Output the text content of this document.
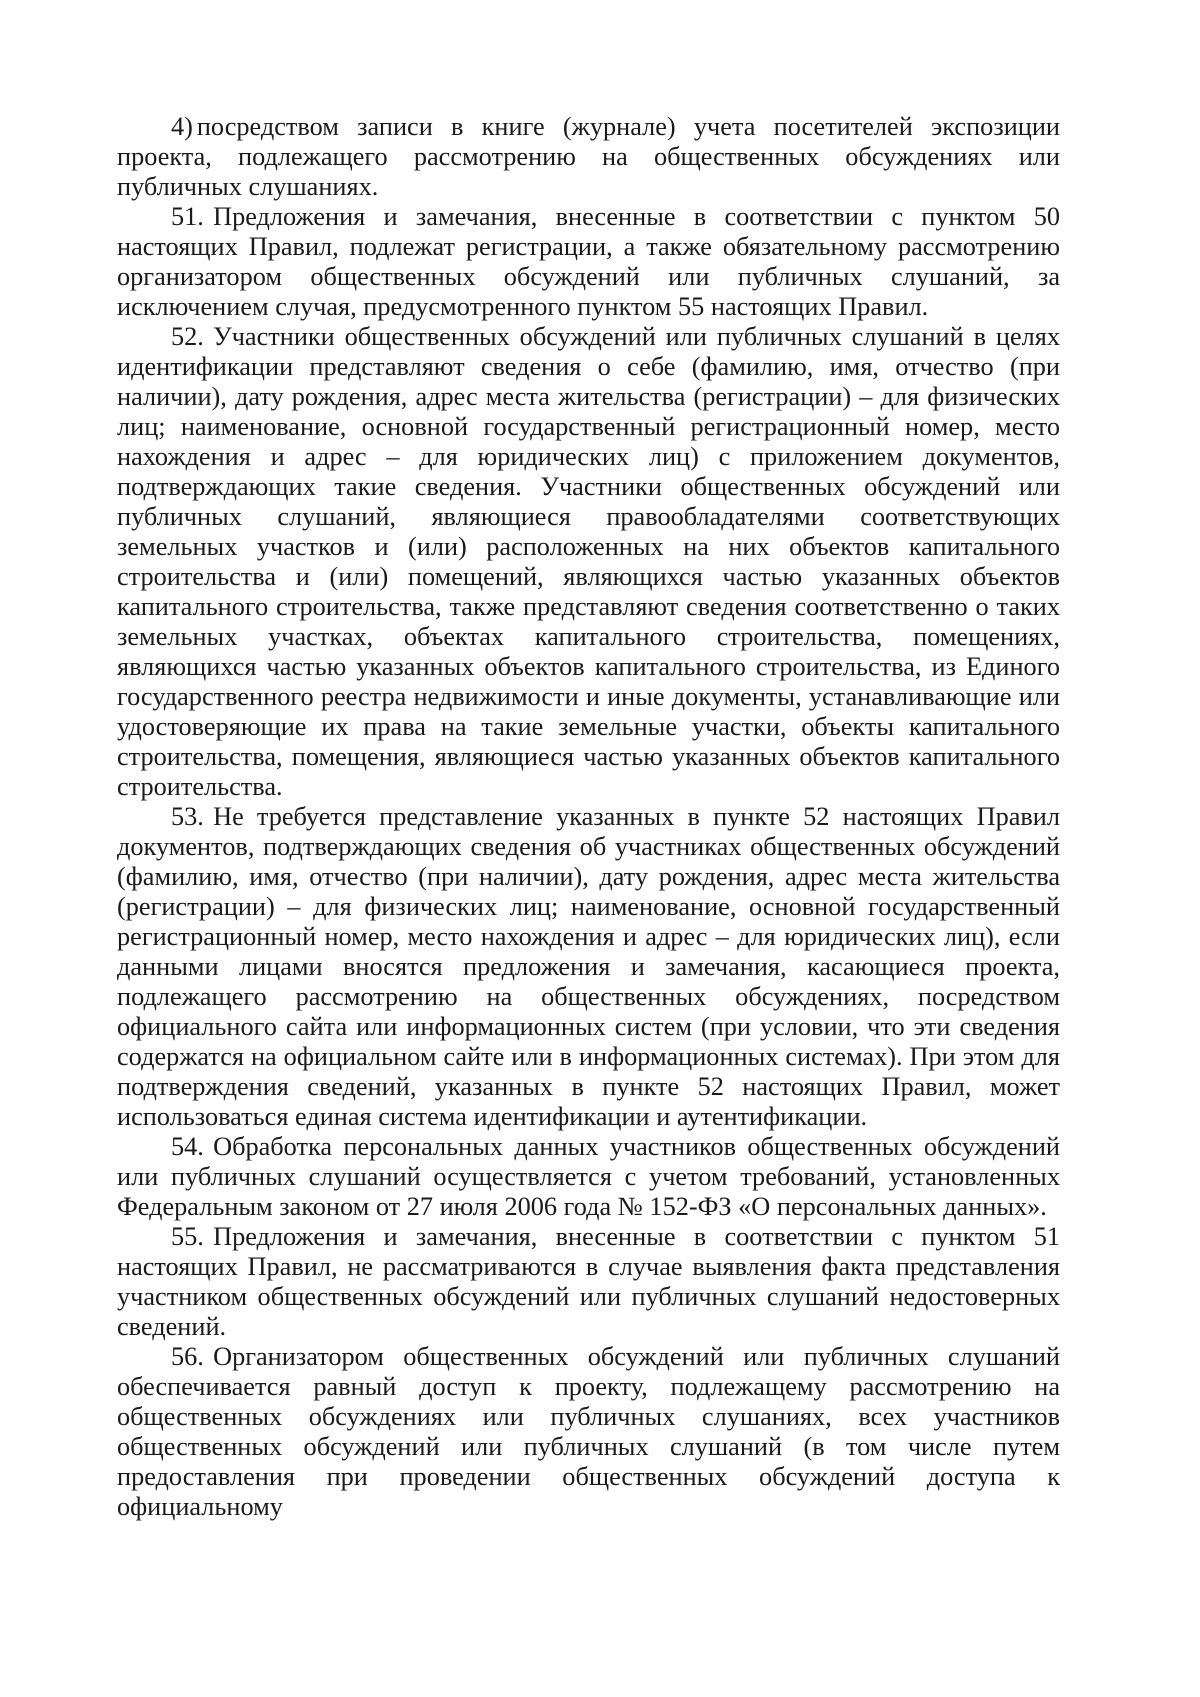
4) посредством записи в книге (журнале) учета посетителей экспозиции проекта, подлежащего рассмотрению на общественных обсуждениях или публичных слушаниях.

51. Предложения и замечания, внесенные в соответствии с пунктом 50 настоящих Правил, подлежат регистрации, а также обязательному рассмотрению организатором общественных обсуждений или публичных слушаний, за исключением случая, предусмотренного пунктом 55 настоящих Правил.

52. Участники общественных обсуждений или публичных слушаний в целях идентификации представляют сведения о себе (фамилию, имя, отчество (при наличии), дату рождения, адрес места жительства (регистрации) – для физических лиц; наименование, основной государственный регистрационный номер, место нахождения и адрес – для юридических лиц) с приложением документов, подтверждающих такие сведения. Участники общественных обсуждений или публичных слушаний, являющиеся правообладателями соответствующих земельных участков и (или) расположенных на них объектов капитального строительства и (или) помещений, являющихся частью указанных объектов капитального строительства, также представляют сведения соответственно о таких земельных участках, объектах капитального строительства, помещениях, являющихся частью указанных объектов капитального строительства, из Единого государственного реестра недвижимости и иные документы, устанавливающие или удостоверяющие их права на такие земельные участки, объекты капитального строительства, помещения, являющиеся частью указанных объектов капитального строительства.

53. Не требуется представление указанных в пункте 52 настоящих Правил документов, подтверждающих сведения об участниках общественных обсуждений (фамилию, имя, отчество (при наличии), дату рождения, адрес места жительства (регистрации) – для физических лиц; наименование, основной государственный регистрационный номер, место нахождения и адрес – для юридических лиц), если данными лицами вносятся предложения и замечания, касающиеся проекта, подлежащего рассмотрению на общественных обсуждениях, посредством официального сайта или информационных систем (при условии, что эти сведения содержатся на официальном сайте или в информационных системах). При этом для подтверждения сведений, указанных в пункте 52 настоящих Правил, может использоваться единая система идентификации и аутентификации.

54. Обработка персональных данных участников общественных обсуждений или публичных слушаний осуществляется с учетом требований, установленных Федеральным законом от 27 июля 2006 года № 152-ФЗ «О персональных данных».

55. Предложения и замечания, внесенные в соответствии с пунктом 51 настоящих Правил, не рассматриваются в случае выявления факта представления участником общественных обсуждений или публичных слушаний недостоверных сведений.

56. Организатором общественных обсуждений или публичных слушаний обеспечивается равный доступ к проекту, подлежащему рассмотрению на общественных обсуждениях или публичных слушаниях, всех участников общественных обсуждений или публичных слушаний (в том числе путем предоставления при проведении общественных обсуждений доступа к официальному
